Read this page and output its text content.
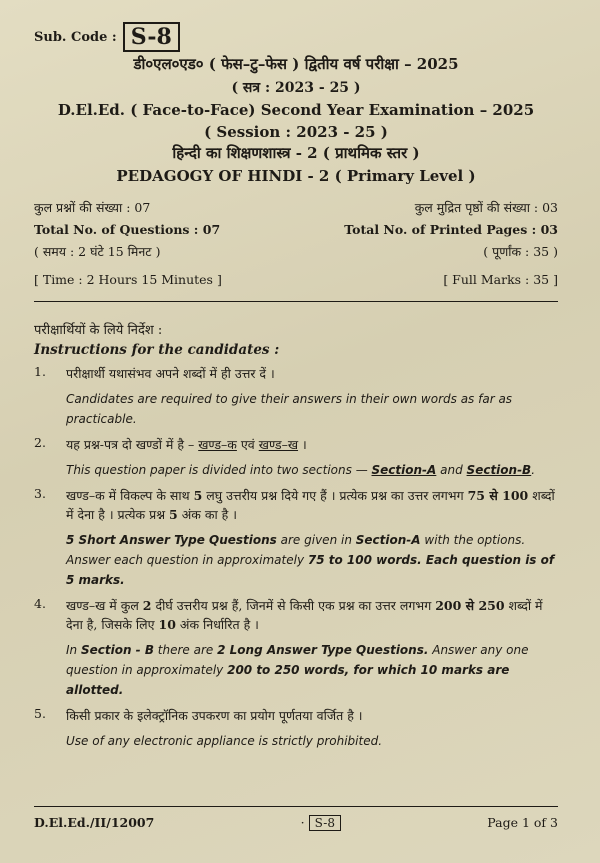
Sub. Code : S-8
डी०एल०एड० ( फेस–टु–फेस ) द्वितीय वर्ष परीक्षा – 2025
( सत्र : 2023 - 25 )
D.El.Ed. ( Face-to-Face) Second Year Examination – 2025
( Session : 2023 - 25 )
हिन्दी का शिक्षणशास्त्र - 2 ( प्राथमिक स्तर )
PEDAGOGY OF HINDI - 2 ( Primary Level )
कुल प्रश्नों की संख्या : 07	कुल मुद्रित पृष्ठों की संख्या : 03
Total No. of Questions : 07	Total No. of Printed Pages : 03
( समय : 2 घंटे 15 मिनट )	( पूर्णांक : 35 )
[ Time : 2 Hours 15 Minutes ]	[ Full Marks : 35 ]
परीक्षार्थियों के लिये निर्देश :
Instructions for the candidates :
1.	परीक्षार्थी यथासंभव अपने शब्दों में ही उत्तर दें ।
Candidates are required to give their answers in their own words as far as practicable.
2.	यह प्रश्न-पत्र दो खण्डों में है – खण्ड–क एवं खण्ड–ख ।
This question paper is divided into two sections — Section-A and Section-B.
3.	खण्ड–क में विकल्प के साथ 5 लघु उत्तरीय प्रश्न दिये गए हैं । प्रत्येक प्रश्न का उत्तर लगभग 75 से 100 शब्दों में देना है । प्रत्येक प्रश्न 5 अंक का है ।
5 Short Answer Type Questions are given in Section-A with the options. Answer each question in approximately 75 to 100 words. Each question is of 5 marks.
4.	खण्ड–ख में कुल 2 दीर्घ उत्तरीय प्रश्न हैं, जिनमें से किसी एक प्रश्न का उत्तर लगभग 200 से 250 शब्दों में देना है, जिसके लिए 10 अंक निर्धारित है ।
In Section - B there are 2 Long Answer Type Questions. Answer any one question in approximately 200 to 250 words, for which 10 marks are allotted.
5.	किसी प्रकार के इलेक्ट्रॉनिक उपकरण का प्रयोग पूर्णतया वर्जित है ।
Use of any electronic appliance is strictly prohibited.
D.El.Ed./II/12007	· S-8	Page 1 of 3
